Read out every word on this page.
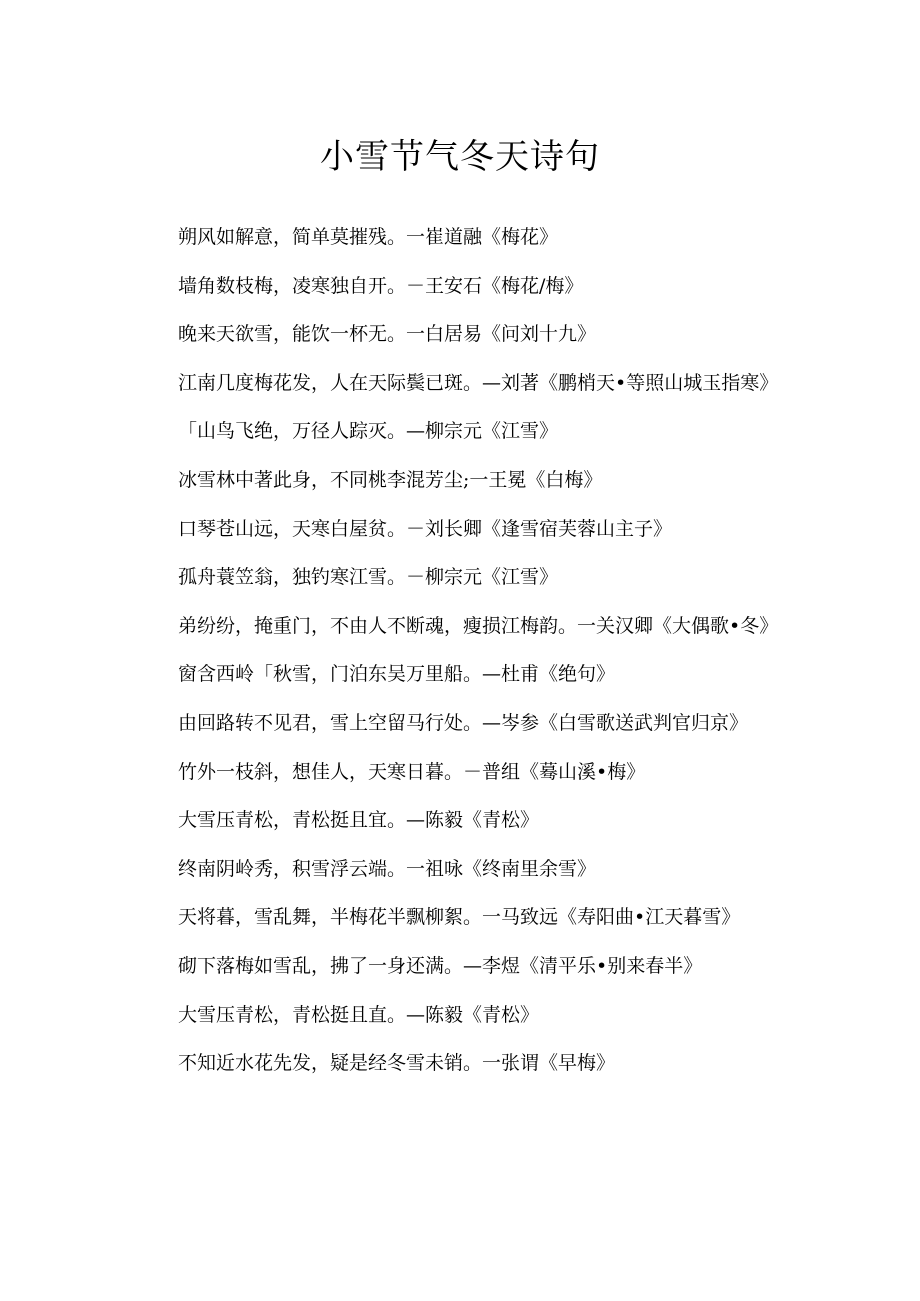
小雪节气冬天诗句

朔风如解意，简单莫摧残。一崔道融《梅花》

墙角数枝梅，凌寒独自开。－王安石《梅花/梅》

晚来天欲雪，能饮一杯无。一白居易《问刘十九》

江南几度梅花发，人在天际鬓已斑。—刘著《鹏梢天•等照山城玉指寒》

「山鸟飞绝，万径人踪灭。—柳宗元《江雪》

冰雪林中著此身，不同桃李混芳尘;一王冕《白梅》

口琴苍山远，天寒白屋贫。－刘长卿《逢雪宿芙蓉山主子》

孤舟蓑笠翁，独钓寒江雪。－柳宗元《江雪》

弟纷纷，掩重门，不由人不断魂，瘦损江梅韵。一关汉卿《大偶歌•冬》

窗含西岭「秋雪，门泊东吴万里船。—杜甫《绝句》

由回路转不见君，雪上空留马行处。—岑参《白雪歌送武判官归京》

竹外一枝斜，想佳人，天寒日暮。－普组《蓦山溪•梅》

大雪压青松，青松挺且宜。—陈毅《青松》

终南阴岭秀，积雪浮云端。一祖咏《终南里余雪》

天将暮，雪乱舞，半梅花半飘柳絮。一马致远《寿阳曲•江天暮雪》

砌下落梅如雪乱，拂了一身还满。—李煜《清平乐•别来春半》

大雪压青松，青松挺且直。—陈毅《青松》

不知近水花先发，疑是经冬雪未销。一张谓《早梅》
